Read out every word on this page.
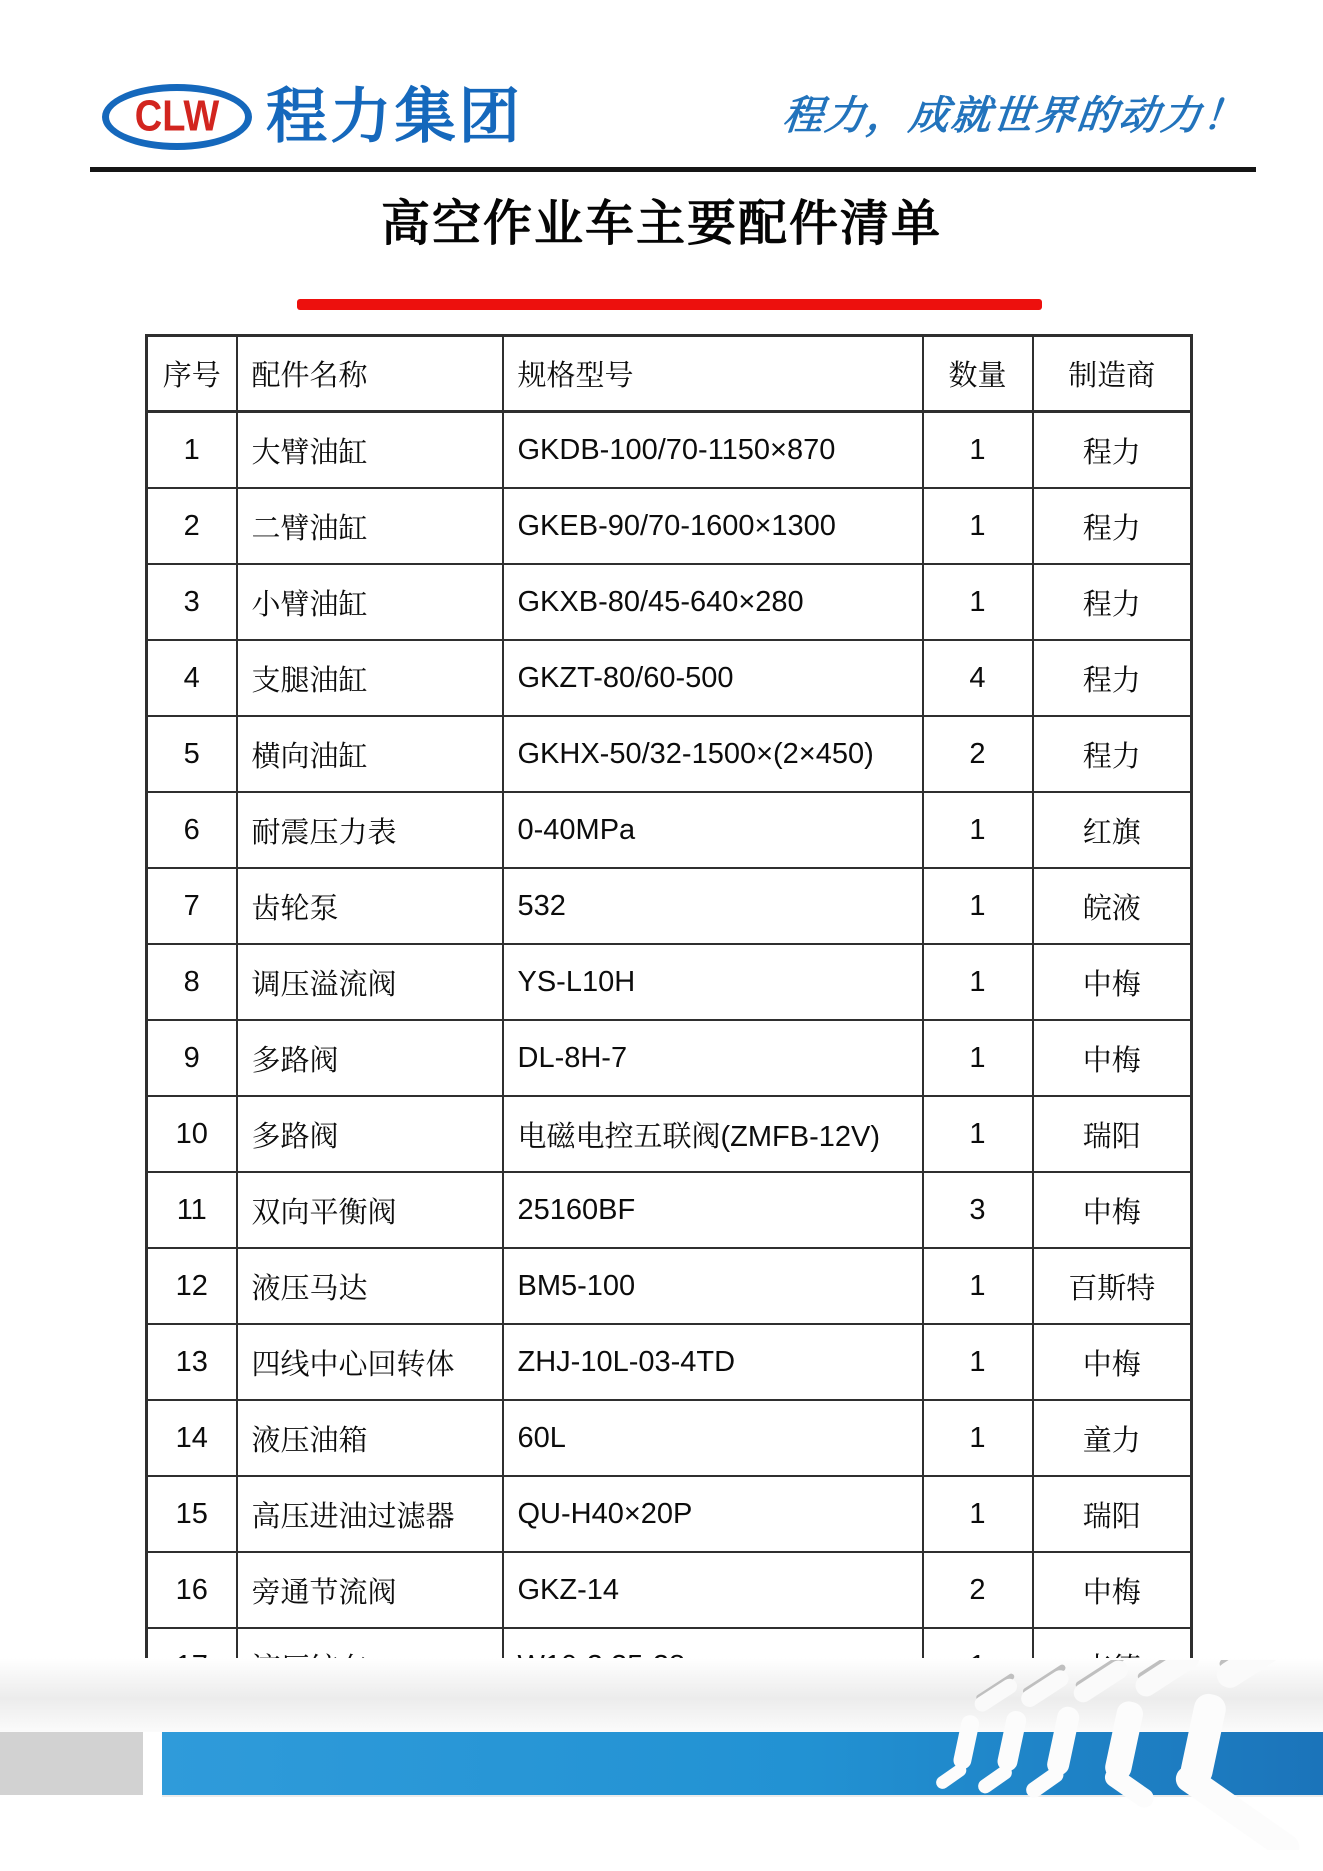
CLW 程力集团	程力，成就世界的动力！
高空作业车主要配件清单
序号	配件名称	规格型号	数量	制造商
1	大臂油缸	GKDB-100/70-1150×870	1	程力
2	二臂油缸	GKEB-90/70-1600×1300	1	程力
3	小臂油缸	GKXB-80/45-640×280	1	程力
4	支腿油缸	GKZT-80/60-500	4	程力
5	横向油缸	GKHX-50/32-1500×(2×450)	2	程力
6	耐震压力表	0-40MPa	1	红旗
7	齿轮泵	532	1	皖液
8	调压溢流阀	YS-L10H	1	中梅
9	多路阀	DL-8H-7	1	中梅
10	多路阀	电磁电控五联阀(ZMFB-12V)	1	瑞阳
11	双向平衡阀	25160BF	3	中梅
12	液压马达	BM5-100	1	百斯特
13	四线中心回转体	ZHJ-10L-03-4TD	1	中梅
14	液压油箱	60L	1	童力
15	高压进油过滤器	QU-H40×20P	1	瑞阳
16	旁通节流阀	GKZ-14	2	中梅
